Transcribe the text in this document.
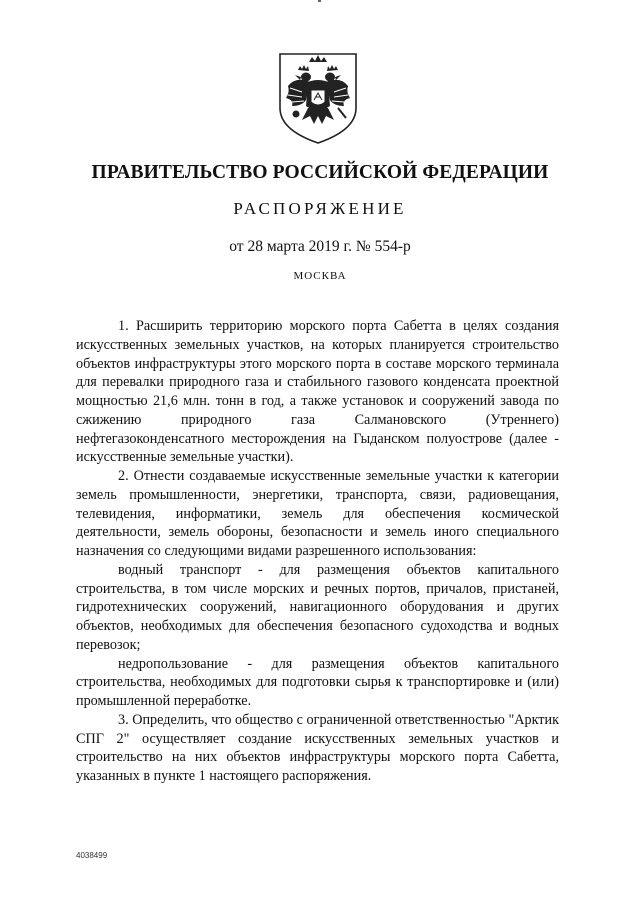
ПРАВИТЕЛЬСТВО РОССИЙСКОЙ ФЕДЕРАЦИИ
РАСПОРЯЖЕНИЕ
от 28 марта 2019 г. № 554-р
МОСКВА

1. Расширить территорию морского порта Сабетта в целях создания искусственных земельных участков, на которых планируется строительство объектов инфраструктуры этого морского порта в составе морского терминала для перевалки природного газа и стабильного газового конденсата проектной мощностью 21,6 млн. тонн в год, а также установок и сооружений завода по сжижению природного газа Салмановского (Утреннего) нефтегазоконденсатного месторождения на Гыданском полуострове (далее - искусственные земельные участки).

2. Отнести создаваемые искусственные земельные участки к категории земель промышленности, энергетики, транспорта, связи, радиовещания, телевидения, информатики, земель для обеспечения космической деятельности, земель обороны, безопасности и земель иного специального назначения со следующими видами разрешенного использования:

водный транспорт - для размещения объектов капитального строительства, в том числе морских и речных портов, причалов, пристаней, гидротехнических сооружений, навигационного оборудования и других объектов, необходимых для обеспечения безопасного судоходства и водных перевозок;

недропользование - для размещения объектов капитального строительства, необходимых для подготовки сырья к транспортировке и (или) промышленной переработке.

3. Определить, что общество с ограниченной ответственностью "Арктик СПГ 2" осуществляет создание искусственных земельных участков и строительство на них объектов инфраструктуры морского порта Сабетта, указанных в пункте 1 настоящего распоряжения.

4038499
